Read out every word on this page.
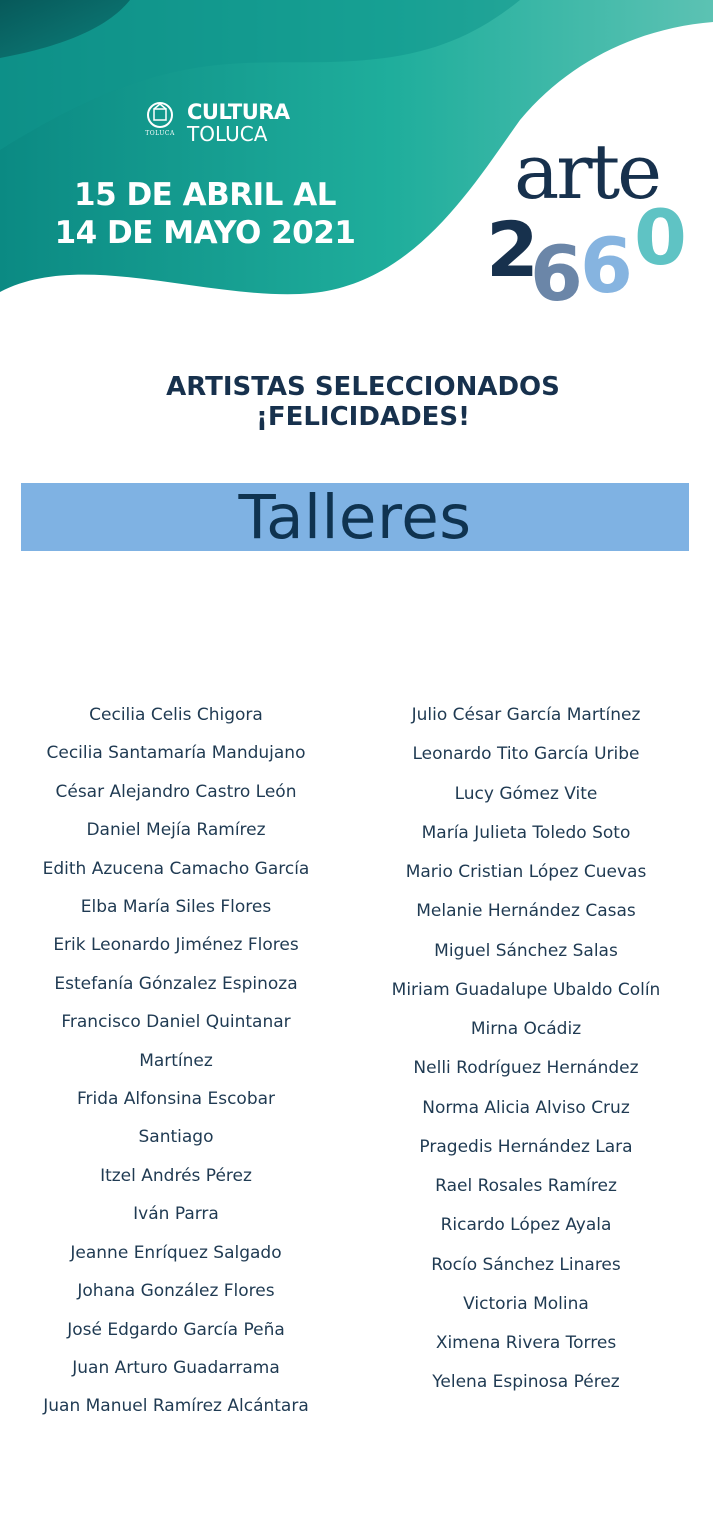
TOLUCA
CULTURA
TOLUCA
15 DE ABRIL AL
14 DE MAYO 2021
arte
2
6
6 0
ARTISTAS SELECCIONADOS
¡FELICIDADES!
Talleres
Cecilia Celis Chigora
Cecilia Santamaría Mandujano
César Alejandro Castro León
Daniel Mejía Ramírez
Edith Azucena Camacho García
Elba María Siles Flores
Erik Leonardo Jiménez Flores
Estefanía Gónzalez Espinoza
Francisco Daniel Quintanar
Martínez
Frida Alfonsina Escobar
Santiago
Itzel Andrés Pérez
Iván Parra
Jeanne Enríquez Salgado
Johana González Flores
José Edgardo García Peña
Juan Arturo Guadarrama
Juan Manuel Ramírez Alcántara
Julio César García Martínez
Leonardo Tito García Uribe
Lucy Gómez Vite
María Julieta Toledo Soto
Mario Cristian López Cuevas
Melanie Hernández Casas
Miguel Sánchez Salas
Miriam Guadalupe Ubaldo Colín
Mirna Ocádiz
Nelli Rodríguez Hernández
Norma Alicia Alviso Cruz
Pragedis Hernández Lara
Rael Rosales Ramírez
Ricardo López Ayala
Rocío Sánchez Linares
Victoria Molina
Ximena Rivera Torres
Yelena Espinosa Pérez
